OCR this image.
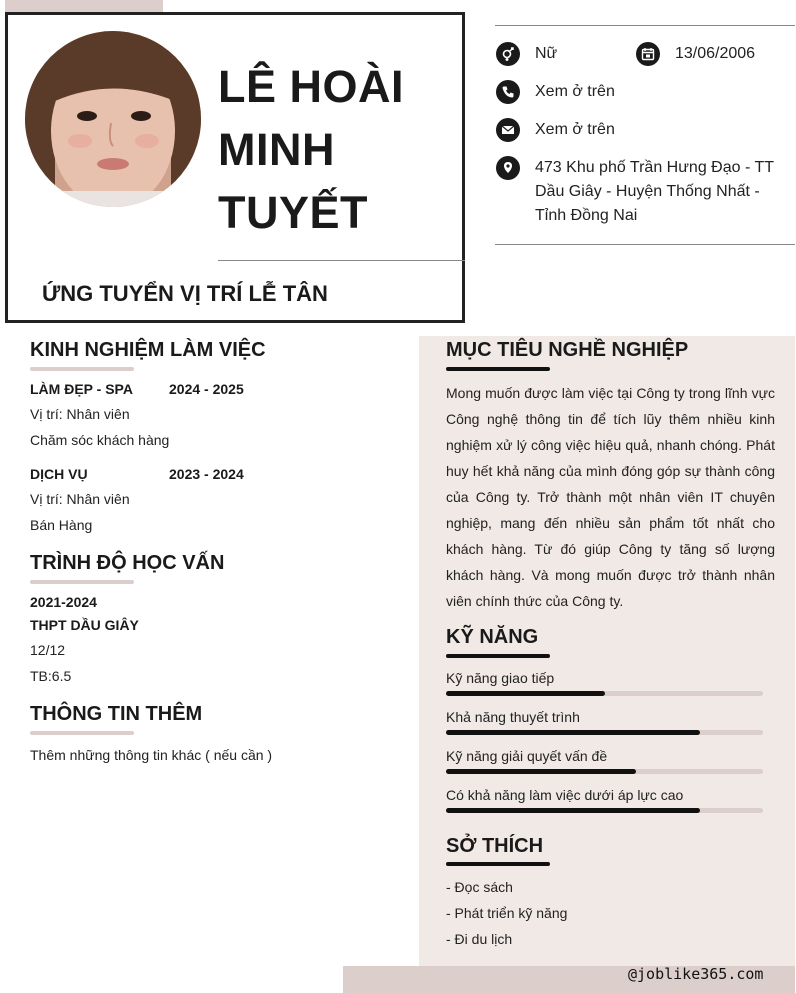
LÊ HOÀI
MINH
TUYẾT
ỨNG TUYỂN VỊ TRÍ LỄ TÂN
Nữ	13/06/2006
Xem ở trên
Xem ở trên
473 Khu phố Trần Hưng Đạo - TT
Dầu Giây - Huyện Thống Nhất -
Tỉnh Đồng Nai
KINH NGHIỆM LÀM VIỆC
LÀM ĐẸP - SPA	2024 - 2025
Vị trí: Nhân viên
Chăm sóc khách hàng
DỊCH VỤ	2023 - 2024
Vị trí: Nhân viên
Bán Hàng
TRÌNH ĐỘ HỌC VẤN
2021-2024
THPT DẦU GIÂY
12/12
TB:6.5
THÔNG TIN THÊM
Thêm những thông tin khác ( nếu cần )
MỤC TIÊU NGHỀ NGHIỆP
Mong muốn được làm việc tại Công ty trong lĩnh vực Công nghệ thông tin để tích lũy thêm nhiều kinh nghiệm xử lý công việc hiệu quả, nhanh chóng. Phát huy hết khả năng của mình đóng góp sự thành công của Công ty. Trở thành một nhân viên IT chuyên nghiệp, mang đến nhiều sản phẩm tốt nhất cho khách hàng. Từ đó giúp Công ty tăng số lượng khách hàng. Và mong muốn được trở thành nhân viên chính thức của Công ty.
KỸ NĂNG
Kỹ năng giao tiếp
Khả năng thuyết trình
Kỹ năng giải quyết vấn đề
Có khả năng làm việc dưới áp lực cao
SỞ THÍCH
- Đọc sách
- Phát triển kỹ năng
- Đi du lịch
@joblike365.com
